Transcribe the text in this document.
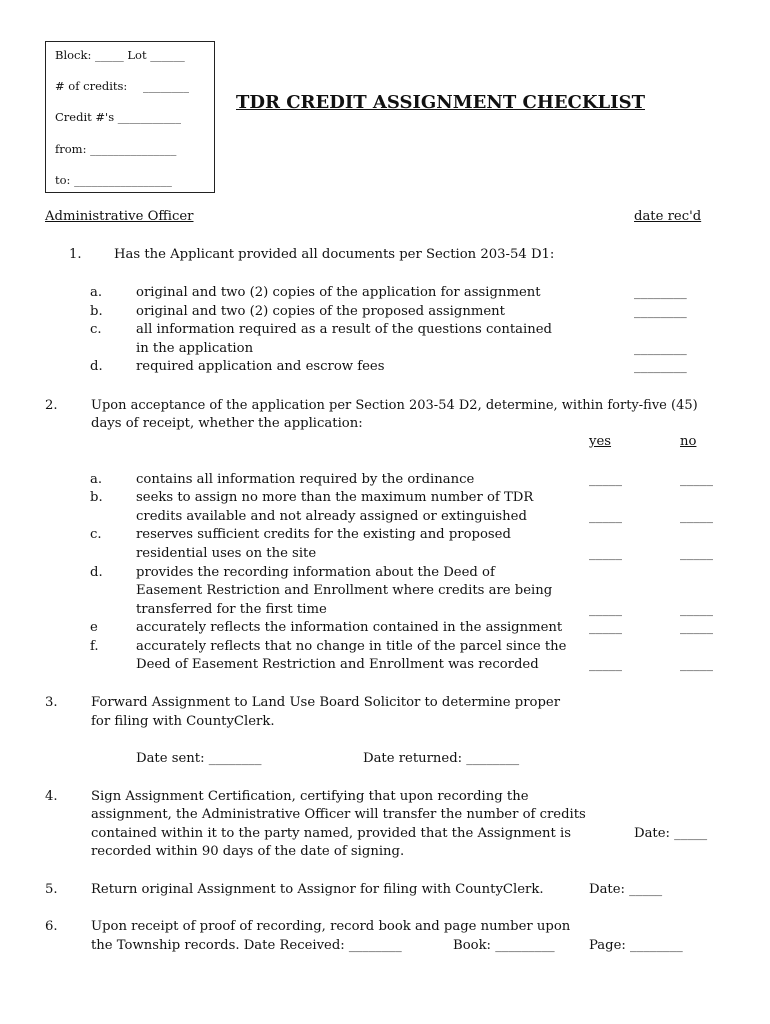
Block: _____ Lot ______
# of credits: ________
Credit #'s ___________
from: _______________
to: _________________
TDR CREDIT ASSIGNMENT CHECKLIST
Administrative Officer	date rec'd
1. Has the Applicant provided all documents per Section 203-54 D1:
a.	original and two (2) copies of the application for assignment	________
b.	original and two (2) copies of the proposed assignment	________
c.	all information required as a result of the questions contained
in the application	________
d.	required application and escrow fees	________
2.	Upon acceptance of the application per Section 203-54 D2, determine, within forty-five (45)
days of receipt, whether the application:
yes	no
a.	contains all information required by the ordinance	_____	_____
b.	seeks to assign no more than the maximum number of TDR
credits available and not already assigned or extinguished	_____	_____
c.	reserves sufficient credits for the existing and proposed
residential uses on the site	_____	_____
d.	provides the recording information about the Deed of
Easement Restriction and Enrollment where credits are being
transferred for the first time	_____	_____
e	accurately reflects the information contained in the assignment _____	_____
f.	accurately reflects that no change in title of the parcel since the
Deed of Easement Restriction and Enrollment was recorded	_____	_____
3.	Forward Assignment to Land Use Board Solicitor to determine proper
for filing with CountyClerk.
Date sent: ________	Date returned: ________
4.	Sign Assignment Certification, certifying that upon recording the
assignment, the Administrative Officer will transfer the number of credits
contained within it to the party named, provided that the Assignment is
recorded within 90 days of the date of signing.
Date: _____
5.	Return original Assignment to Assignor for filing with CountyClerk.	Date: _____
6.	Upon receipt of proof of recording, record book and page number upon
the Township records. Date Received: ________	Book: _________	Page: ________
